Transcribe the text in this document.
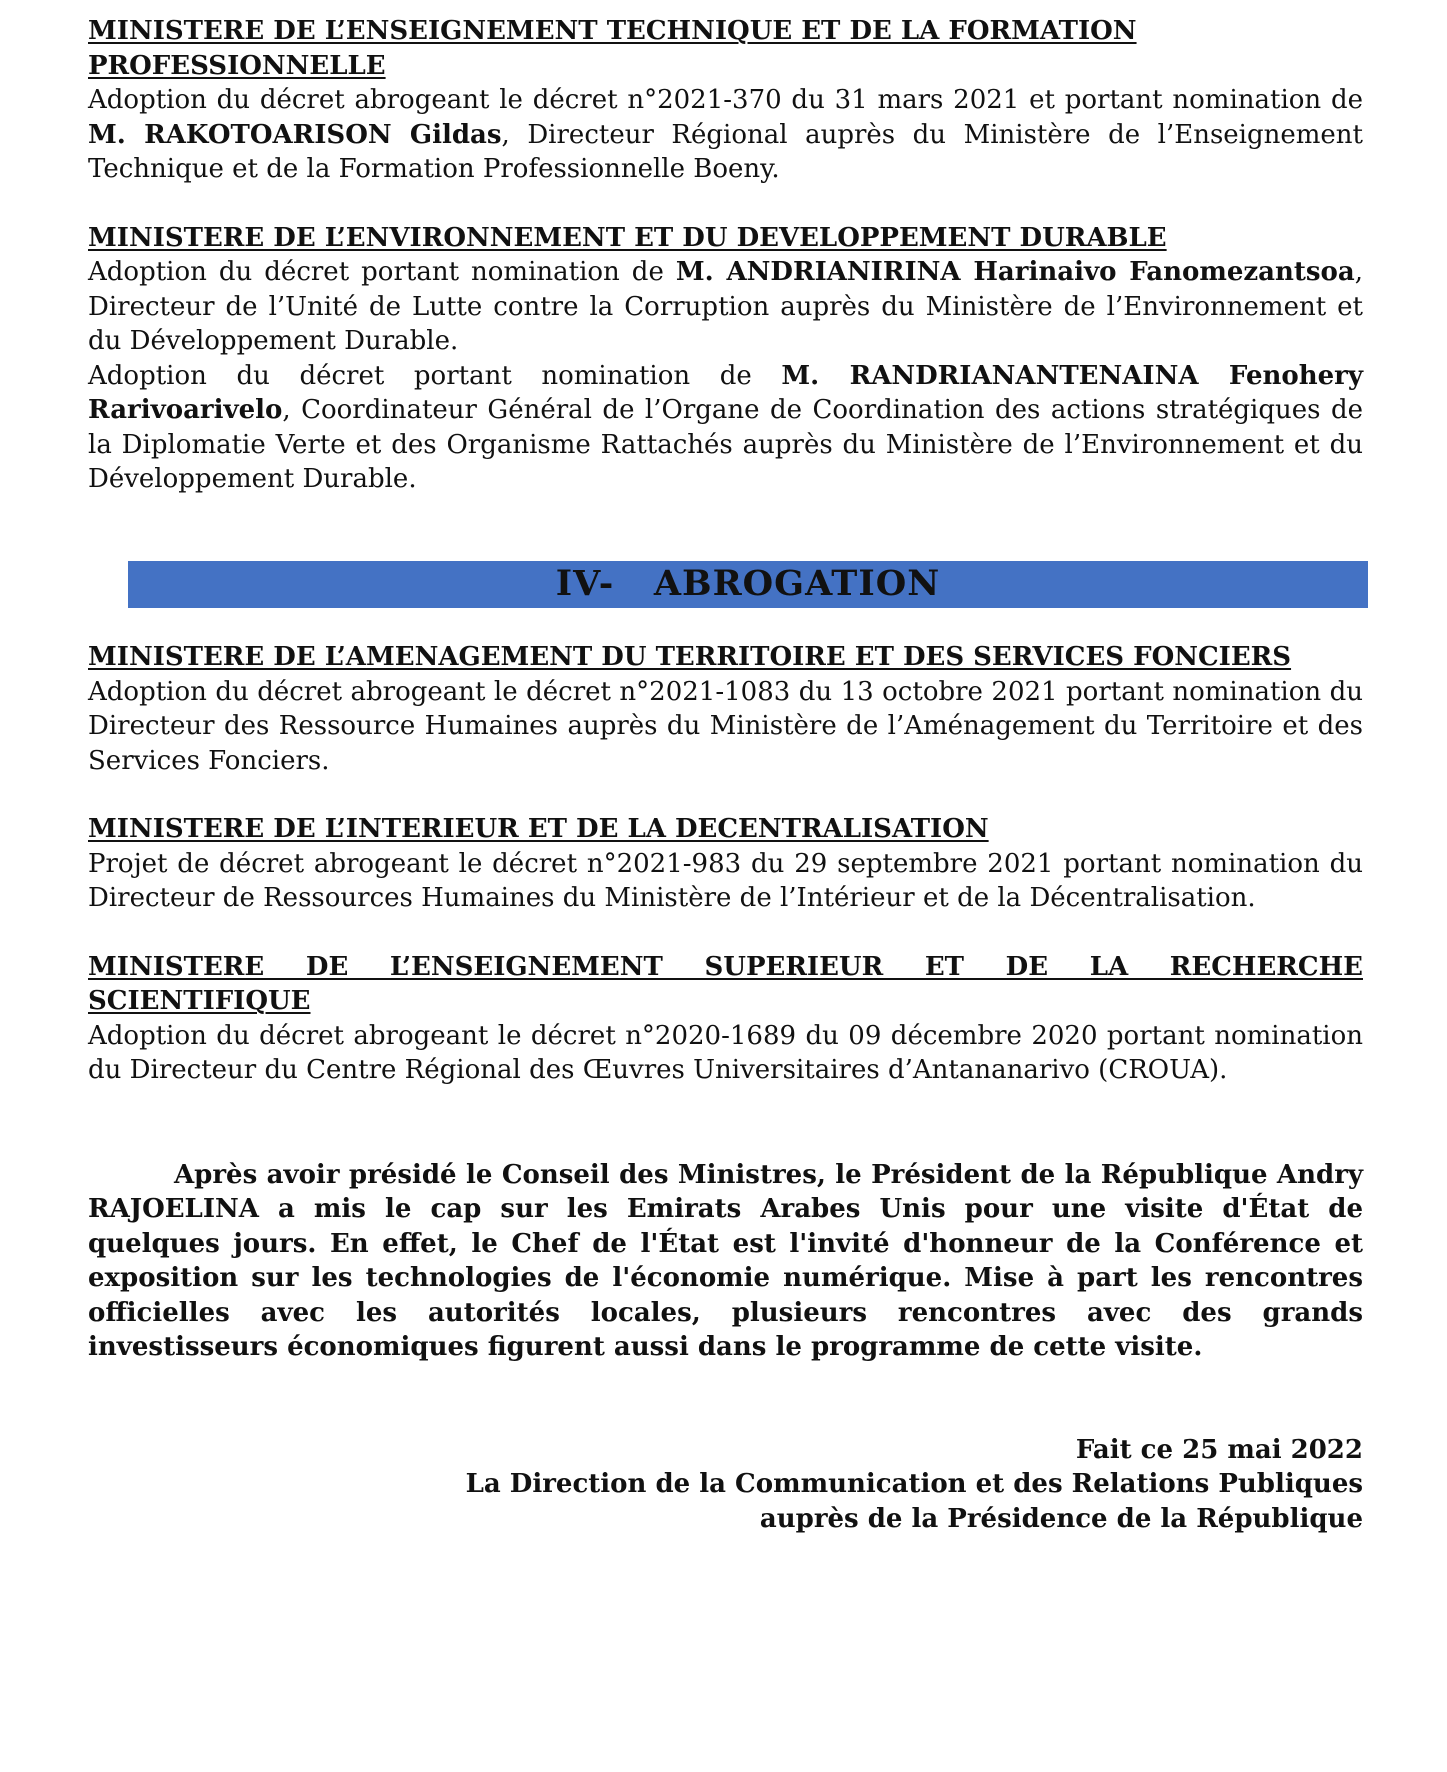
MINISTERE DE L’ENSEIGNEMENT TECHNIQUE ET DE LA FORMATION PROFESSIONNELLE
Adoption du décret abrogeant le décret n°2021-370 du 31 mars 2021 et portant nomination de M. RAKOTOARISON Gildas, Directeur Régional auprès du Ministère de l’Enseignement Technique et de la Formation Professionnelle Boeny.
MINISTERE DE L’ENVIRONNEMENT ET DU DEVELOPPEMENT DURABLE
Adoption du décret portant nomination de M. ANDRIANIRINA Harinaivo Fanomezantsoa, Directeur de l’Unité de Lutte contre la Corruption auprès du Ministère de l’Environnement et du Développement Durable.
Adoption du décret portant nomination de M. RANDRIANANTENAINA Fenohery Rarivoarivelo, Coordinateur Général de l’Organe de Coordination des actions stratégiques de la Diplomatie Verte et des Organisme Rattachés auprès du Ministère de l’Environnement et du Développement Durable.
IV-   ABROGATION
MINISTERE DE L’AMENAGEMENT DU TERRITOIRE ET DES SERVICES FONCIERS
Adoption du décret abrogeant le décret n°2021-1083 du 13 octobre 2021 portant nomination du Directeur des Ressource Humaines auprès du Ministère de l’Aménagement du Territoire et des Services Fonciers.
MINISTERE DE L’INTERIEUR ET DE LA DECENTRALISATION
Projet de décret abrogeant le décret n°2021-983 du 29 septembre 2021 portant nomination du Directeur de Ressources Humaines du Ministère de l’Intérieur et de la Décentralisation.
MINISTERE DE L’ENSEIGNEMENT SUPERIEUR ET DE LA RECHERCHE SCIENTIFIQUE
Adoption du décret abrogeant le décret n°2020-1689 du 09 décembre 2020 portant nomination du Directeur du Centre Régional des Œuvres Universitaires d’Antananarivo (CROUA).
Après avoir présidé le Conseil des Ministres, le Président de la République Andry RAJOELINA a mis le cap sur les Emirats Arabes Unis pour une visite d'État de quelques jours. En effet, le Chef de l'État est l'invité d'honneur de la Conférence et exposition sur les technologies de l'économie numérique. Mise à part les rencontres officielles avec les autorités locales, plusieurs rencontres avec des grands investisseurs économiques figurent aussi dans le programme de cette visite.
Fait ce 25 mai 2022
La Direction de la Communication et des Relations Publiques
auprès de la Présidence de la République
